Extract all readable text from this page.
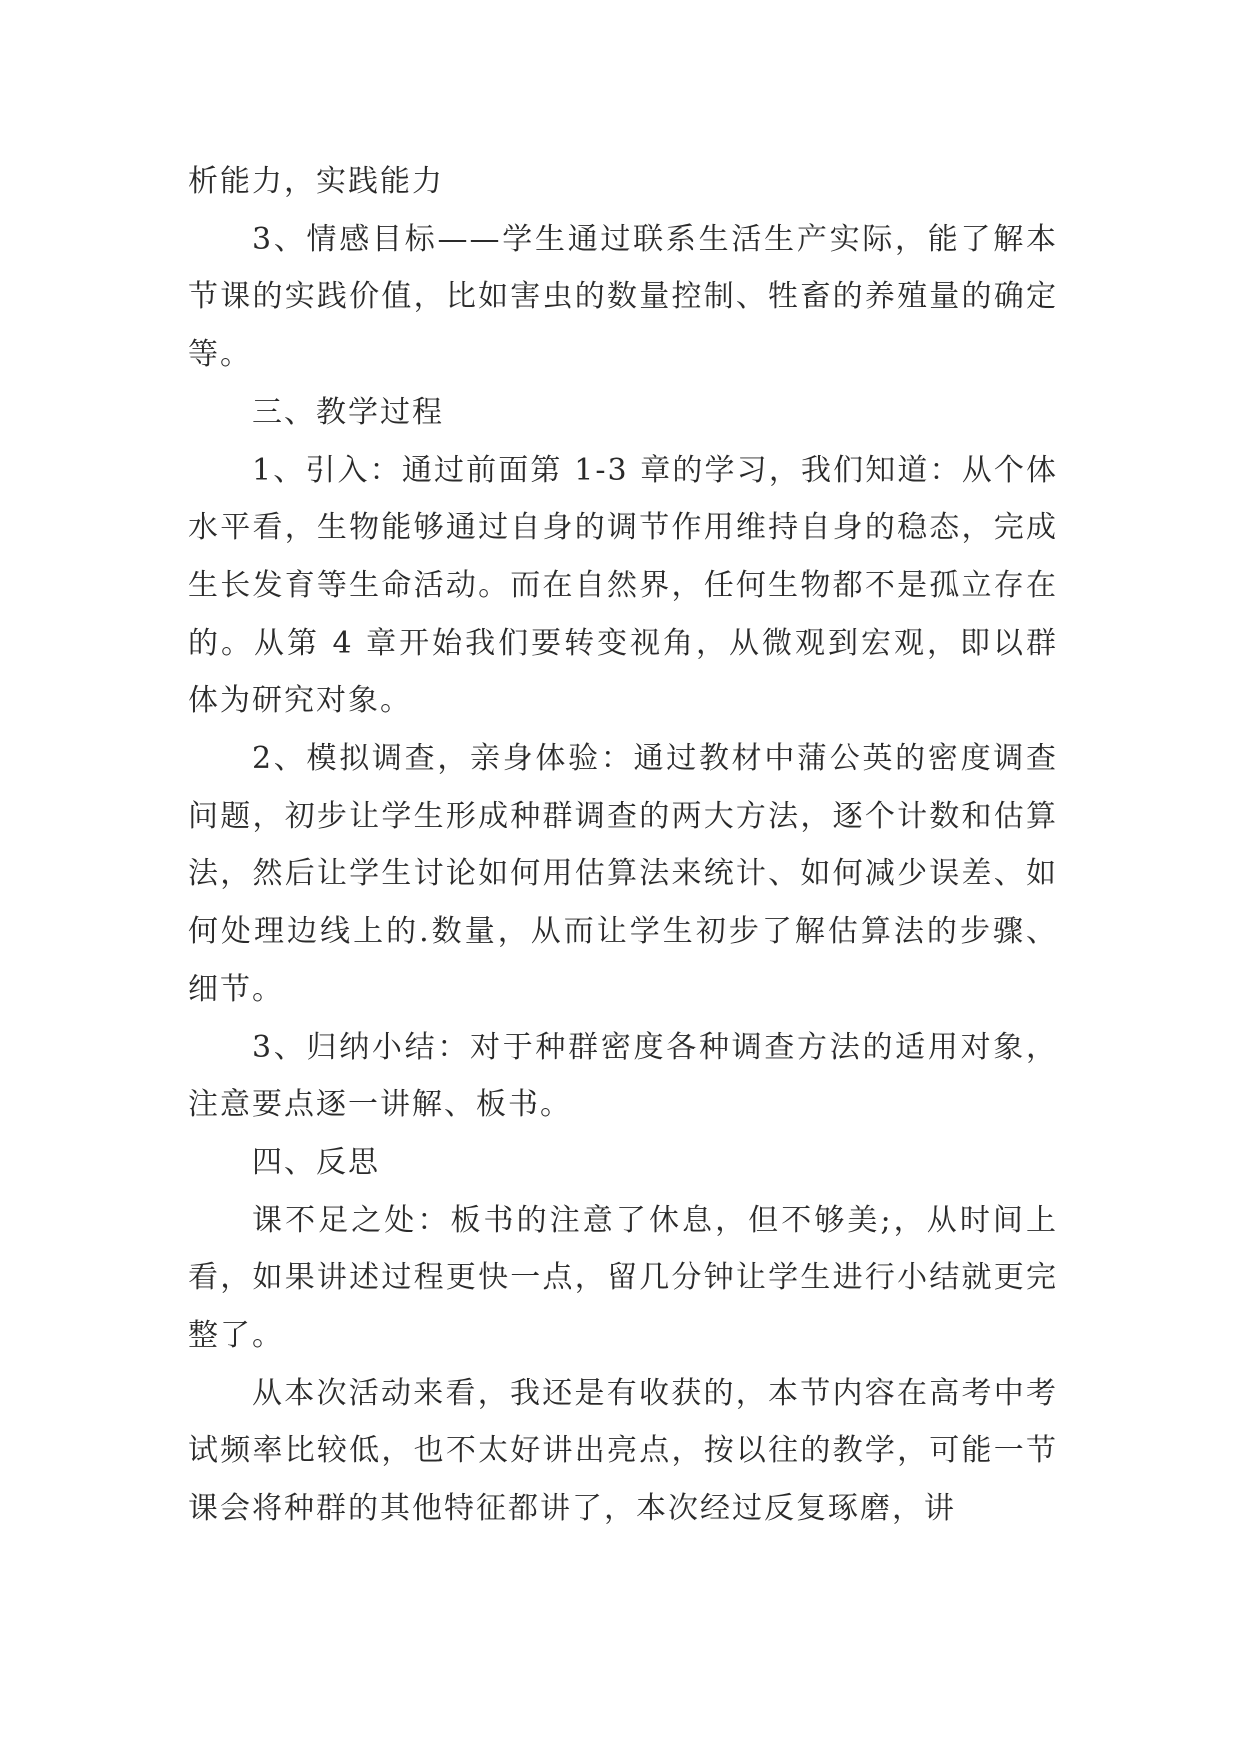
析能力，实践能力

3、情感目标——学生通过联系生活生产实际，能了解本节课的实践价值，比如害虫的数量控制、牲畜的养殖量的确定等。

三、教学过程

1、引入：通过前面第 1-3 章的学习，我们知道：从个体水平看，生物能够通过自身的调节作用维持自身的稳态，完成生长发育等生命活动。而在自然界，任何生物都不是孤立存在的。从第 4 章开始我们要转变视角，从微观到宏观，即以群体为研究对象。

2、模拟调查，亲身体验：通过教材中蒲公英的密度调查问题，初步让学生形成种群调查的两大方法，逐个计数和估算法，然后让学生讨论如何用估算法来统计、如何减少误差、如何处理边线上的.数量，从而让学生初步了解估算法的步骤、细节。

3、归纳小结：对于种群密度各种调查方法的适用对象，注意要点逐一讲解、板书。

四、反思

课不足之处：板书的注意了休息，但不够美;，从时间上看，如果讲述过程更快一点，留几分钟让学生进行小结就更完整了。

从本次活动来看，我还是有收获的，本节内容在高考中考试频率比较低，也不太好讲出亮点，按以往的教学，可能一节课会将种群的其他特征都讲了，本次经过反复琢磨，讲
